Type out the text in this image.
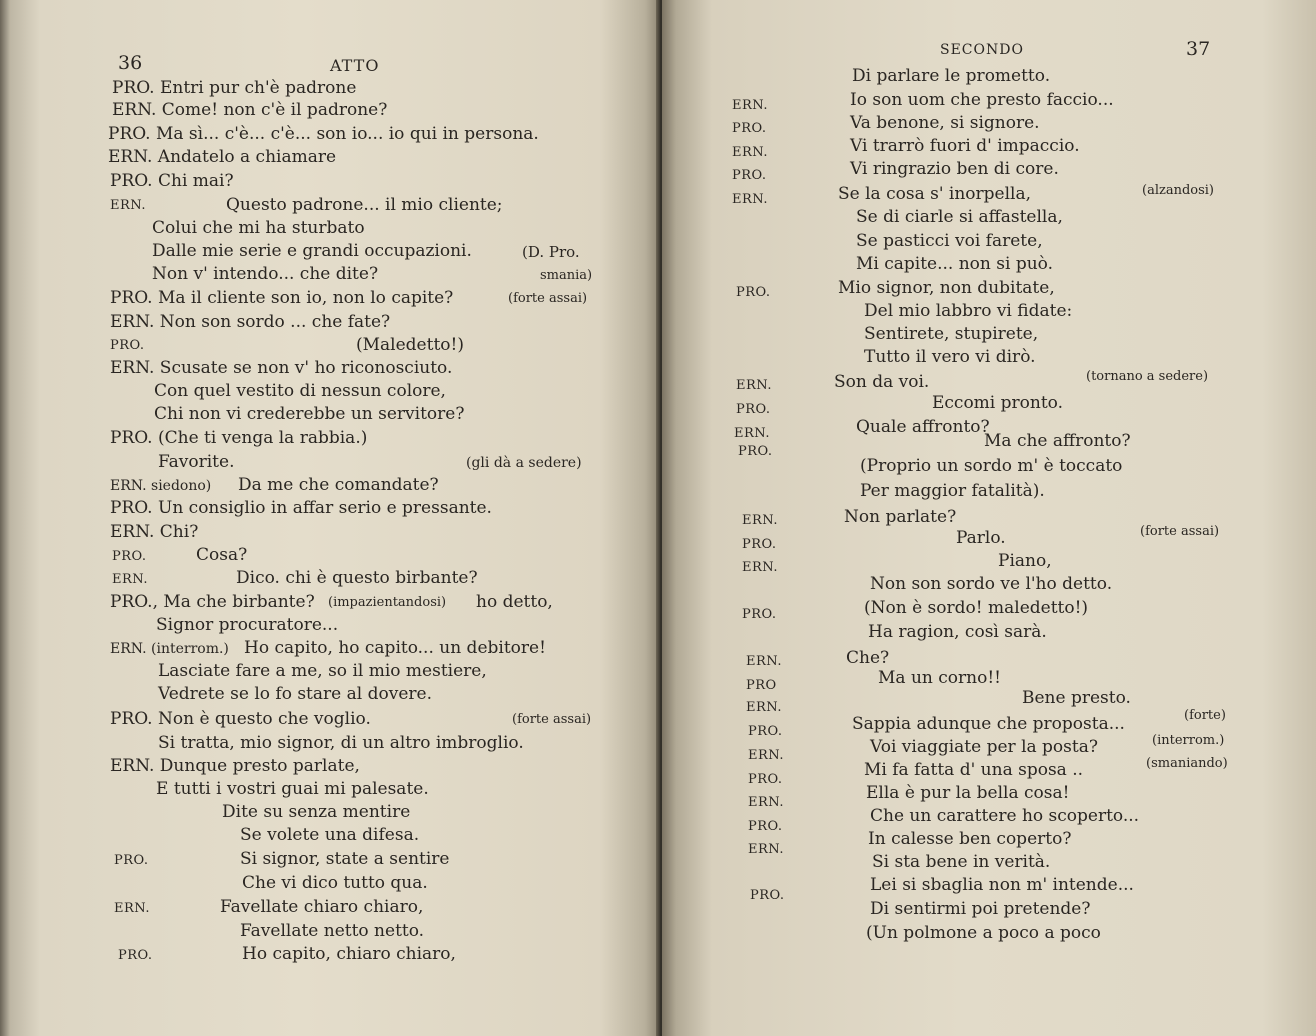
36	ATTO
PRO. Entri pur ch'è padrone
ERN. Come! non c'è il padrone?
PRO. Ma sì... c'è... c'è... son io... io qui in persona.
ERN. Andatelo a chiamare
PRO. Chi mai?
ERN.	Questo padrone... il mio cliente;
Colui che mi ha sturbato
Dalle mie serie e grandi occupazioni.	(D. Pro.
Non v' intendo... che dite?	smania)
PRO. Ma il cliente son io, non lo capite?	(forte assai)
ERN. Non son sordo ... che fate?
PRO.	(Maledetto!)
ERN. Scusate se non v' ho riconosciuto.
Con quel vestito di nessun colore,
Chi non vi crederebbe un servitore?
PRO. (Che ti venga la rabbia.)
Favorite.	(gli dà a sedere)
ERN. siedono) Da me che comandate?
PRO. Un consiglio in affar serio e pressante.
ERN. Chi?
PRO.	Cosa?
ERN.	Dico. chi è questo birbante?
PRO., Ma che birbante? (impazientandosi) ho detto,
Signor procuratore...
ERN. (interrom.) Ho capito, ho capito... un debitore!
Lasciate fare a me, so il mio mestiere,
Vedrete se lo fo stare al dovere.
PRO. Non è questo che voglio.	(forte assai)
Si tratta, mio signor, di un altro imbroglio.
ERN. Dunque presto parlate,
E tutti i vostri guai mi palesate.
Dite su senza mentire
Se volete una difesa.
PRO.	Si signor, state a sentire
Che vi dico tutto qua.
ERN.	Favellate chiaro chiaro,
Favellate netto netto.
PRO.	Ho capito, chiaro chiaro,
SECONDO	37
Di parlare le prometto.
ERN.	Io son uom che presto faccio...
PRO.	Va benone, si signore.
ERN.	Vi trarrò fuori d' impaccio.
PRO.	Vi ringrazio ben di core.
ERN.	Se la cosa s' inorpella,	(alzandosi)
Se di ciarle si affastella,
Se pasticci voi farete,
Mi capite... non si può.
PRO.	Mio signor, non dubitate,
Del mio labbro vi fidate:
Sentirete, stupirete,
Tutto il vero vi dirò.
ERN.	Son da voi.	(tornano a sedere)
PRO.	Eccomi pronto.
ERN.	Quale affronto?
PRO.
Ma che affronto?
(Proprio un sordo m' è toccato
Per maggior fatalità).
ERN.	Non parlate?
PRO.	Parlo.	(forte assai)
ERN.	Piano,
Non son sordo ve l'ho detto.
PRO.	(Non è sordo! maledetto!)
Ha ragion, così sarà.
ERN.	Che?
PRO	Ma un corno!!
Bene presto.
ERN.
Sappia adunque che proposta...	(forte)
PRO.
Voi viaggiate per la posta?	(interrom.)
ERN.
Mi fa fatta d' una sposa ..	(smaniando)
PRO.
Ella è pur la bella cosa!
ERN.
Che un carattere ho scoperto...
PRO.
In calesse ben coperto?
ERN.
Si sta bene in verità.
PRO.
Lei si sbaglia non m' intende...
Di sentirmi poi pretende?
(Un polmone a poco a poco
